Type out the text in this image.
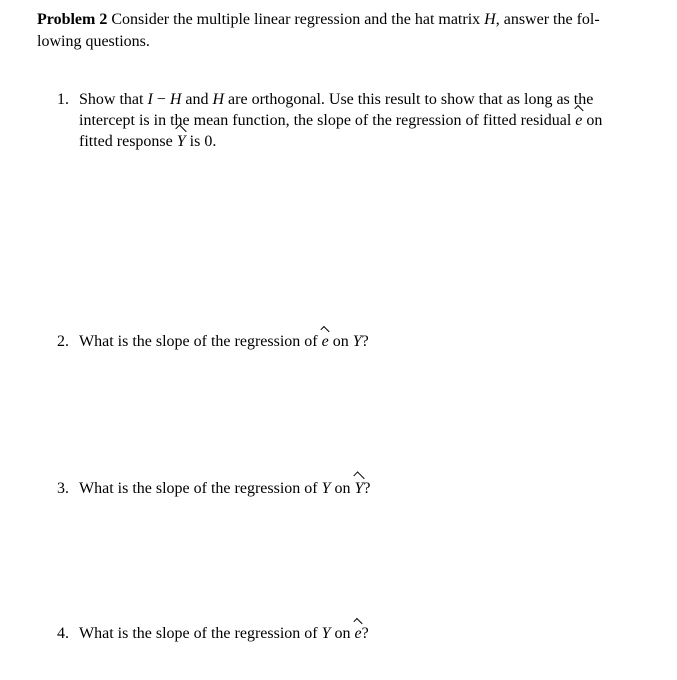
Problem 2 Consider the multiple linear regression and the hat matrix H, answer the fol-
lowing questions.
1. Show that I − H and H are orthogonal. Use this result to show that as long as the
intercept is in the mean function, the slope of the regression of fitted residual e on
fitted response Y is 0.
2. What is the slope of the regression of e on Y?
3. What is the slope of the regression of Y on Y?
4. What is the slope of the regression of Y on e?
